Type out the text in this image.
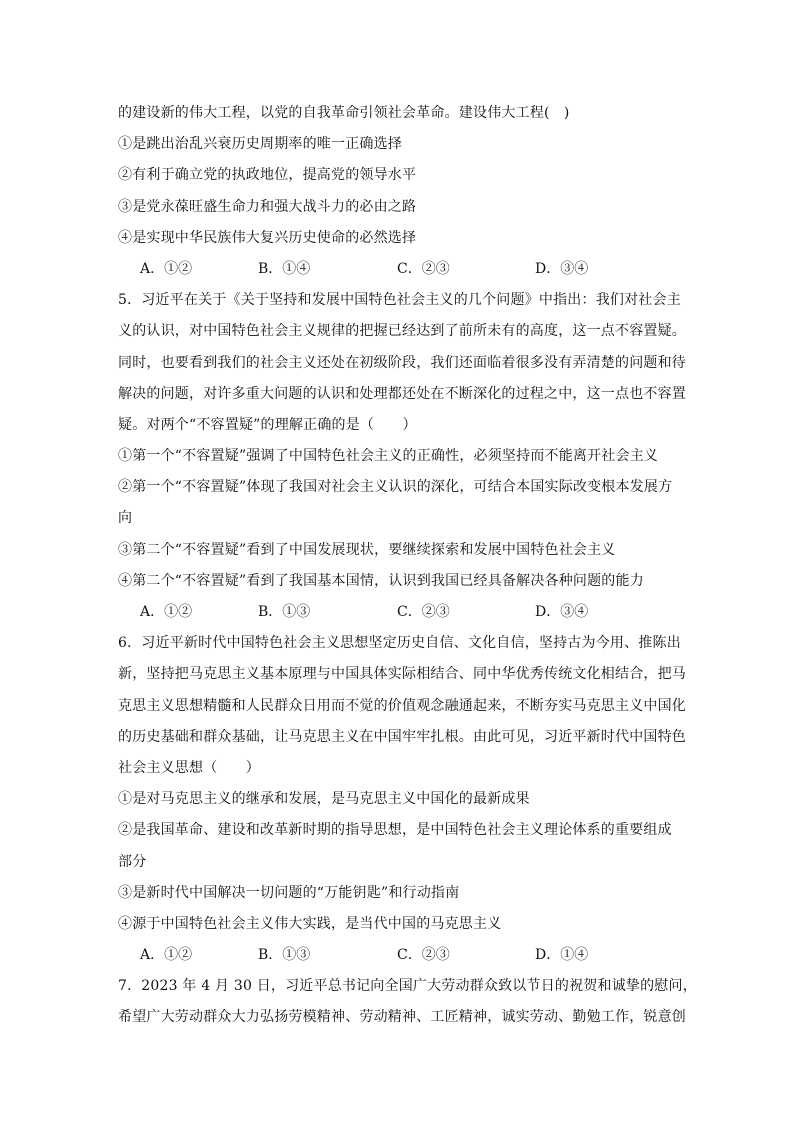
的建设新的伟大工程，以党的自我革命引领社会革命。建设伟大工程(　)
①是跳出治乱兴衰历史周期率的唯一正确选择
②有利于确立党的执政地位，提高党的领导水平
③是党永葆旺盛生命力和强大战斗力的必由之路
④是实现中华民族伟大复兴历史使命的必然选择
A．①②	B．①④	C．②③	D．③④
5．习近平在关于《关于坚持和发展中国特色社会主义的几个问题》中指出：我们对社会主
义的认识，对中国特色社会主义规律的把握已经达到了前所未有的高度，这一点不容置疑。
同时，也要看到我们的社会主义还处在初级阶段，我们还面临着很多没有弄清楚的问题和待
解决的问题，对许多重大问题的认识和处理都还处在不断深化的过程之中，这一点也不容置
疑。对两个“不容置疑”的理解正确的是（　　）
①第一个“不容置疑”强调了中国特色社会主义的正确性，必须坚持而不能离开社会主义
②第一个“不容置疑”体现了我国对社会主义认识的深化，可结合本国实际改变根本发展方
向
③第二个“不容置疑”看到了中国发展现状，要继续探索和发展中国特色社会主义
④第二个“不容置疑”看到了我国基本国情，认识到我国已经具备解决各种问题的能力
A．①②	B．①③	C．②③	D．③④
6．习近平新时代中国特色社会主义思想坚定历史自信、文化自信，坚持古为今用、推陈出
新，坚持把马克思主义基本原理与中国具体实际相结合、同中华优秀传统文化相结合，把马
克思主义思想精髓和人民群众日用而不觉的价值观念融通起来，不断夯实马克思主义中国化
的历史基础和群众基础，让马克思主义在中国牢牢扎根。由此可见，习近平新时代中国特色
社会主义思想（　　）
①是对马克思主义的继承和发展，是马克思主义中国化的最新成果
②是我国革命、建设和改革新时期的指导思想，是中国特色社会主义理论体系的重要组成
部分
③是新时代中国解决一切问题的“万能钥匙”和行动指南
④源于中国特色社会主义伟大实践，是当代中国的马克思主义
A．①②	B．①③	C．②③	D．①④
7．2023 年 4 月 30 日，习近平总书记向全国广大劳动群众致以节日的祝贺和诚挚的慰问，
希望广大劳动群众大力弘扬劳模精神、劳动精神、工匠精神，诚实劳动、勤勉工作，锐意创
